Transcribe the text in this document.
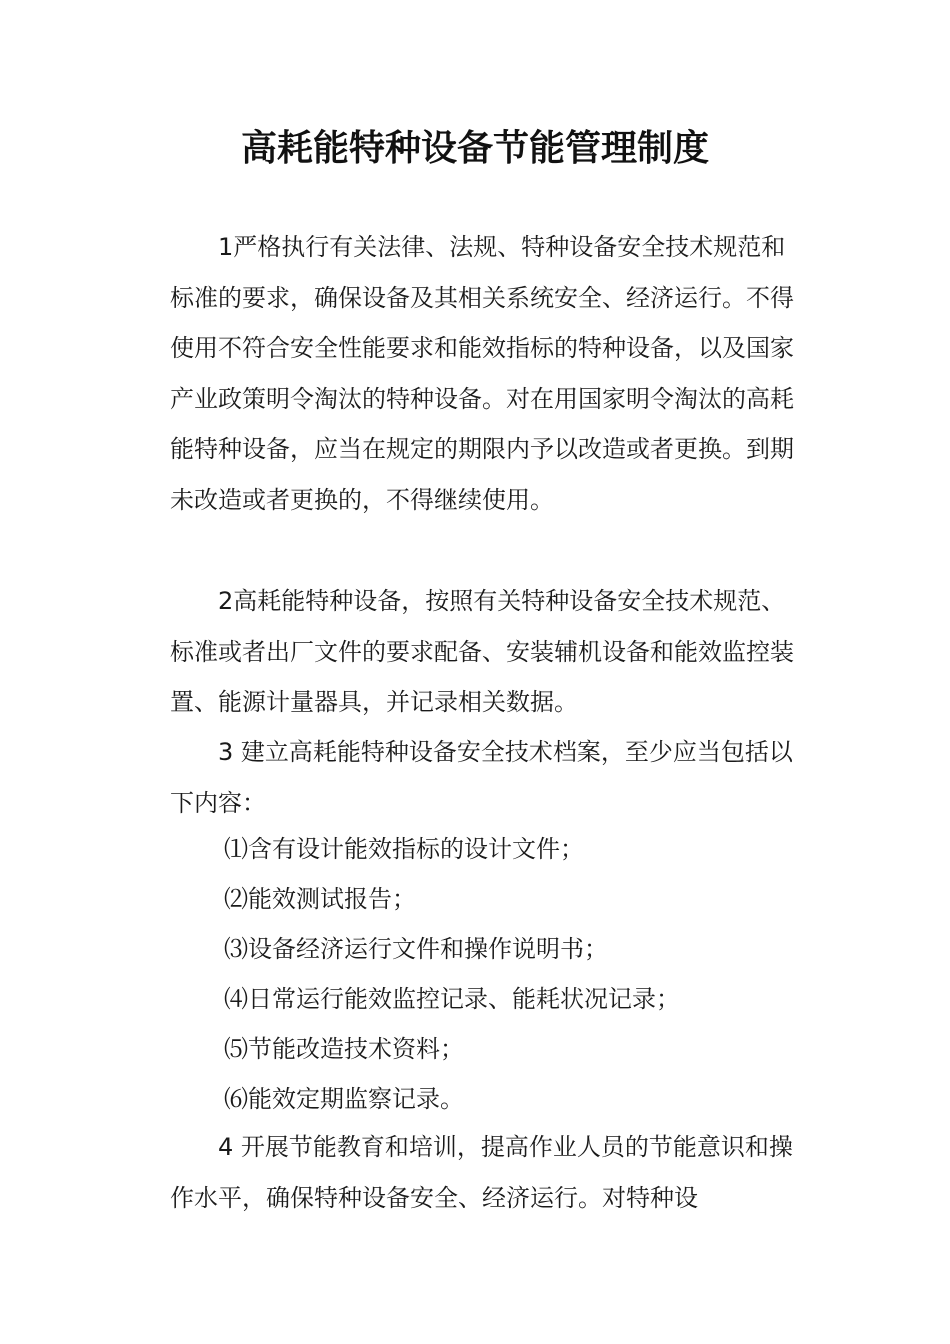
高耗能特种设备节能管理制度

1严格执行有关法律、法规、特种设备安全技术规范和标准的要求，确保设备及其相关系统安全、经济运行。不得使用不符合安全性能要求和能效指标的特种设备，以及国家产业政策明令淘汰的特种设备。对在用国家明令淘汰的高耗能特种设备，应当在规定的期限内予以改造或者更换。到期未改造或者更换的，不得继续使用。

2高耗能特种设备，按照有关特种设备安全技术规范、标准或者出厂文件的要求配备、安装辅机设备和能效监控装置、能源计量器具，并记录相关数据。

3 建立高耗能特种设备安全技术档案，至少应当包括以下内容：

⑴含有设计能效指标的设计文件；
⑵能效测试报告；
⑶设备经济运行文件和操作说明书；
⑷日常运行能效监控记录、能耗状况记录；
⑸节能改造技术资料；
⑹能效定期监察记录。

4 开展节能教育和培训，提高作业人员的节能意识和操作水平，确保特种设备安全、经济运行。对特种设
